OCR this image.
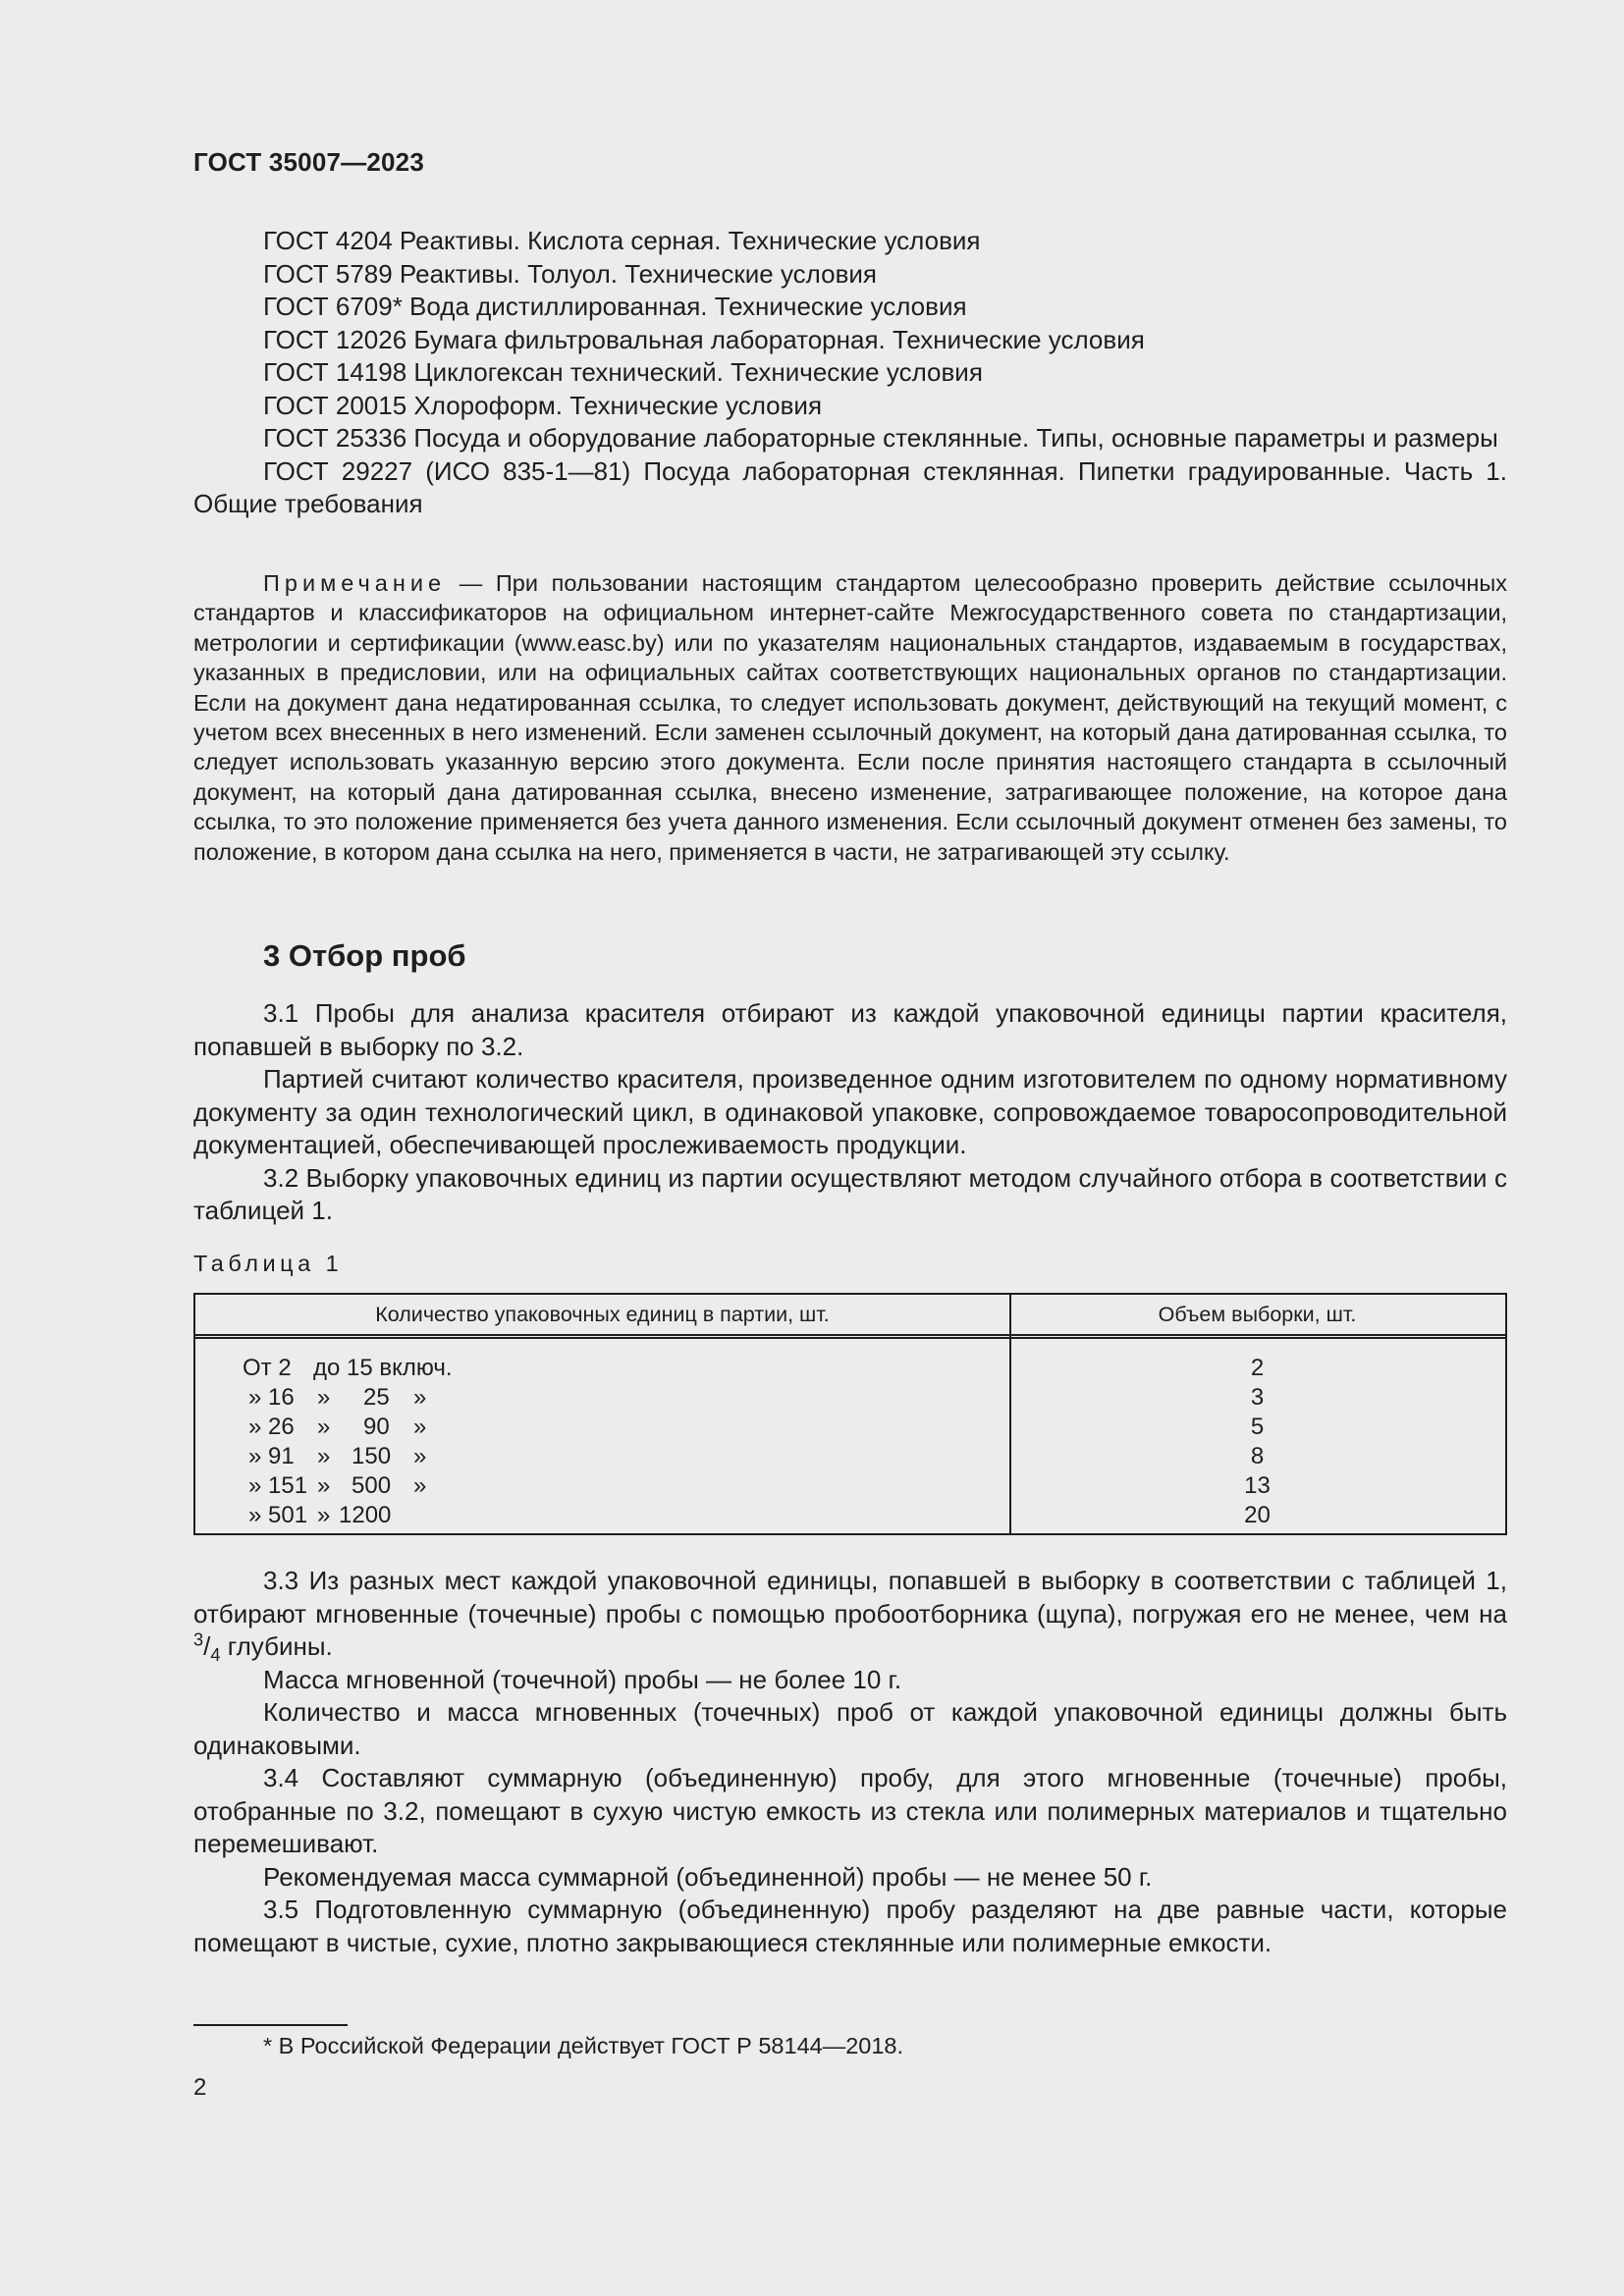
ГОСТ 35007—2023

ГОСТ 4204 Реактивы. Кислота серная. Технические условия

ГОСТ 5789 Реактивы. Толуол. Технические условия

ГОСТ 6709* Вода дистиллированная. Технические условия

ГОСТ 12026 Бумага фильтровальная лабораторная. Технические условия

ГОСТ 14198 Циклогексан технический. Технические условия

ГОСТ 20015 Хлороформ. Технические условия

ГОСТ 25336 Посуда и оборудование лабораторные стеклянные. Типы, основные параметры и размеры

ГОСТ 29227 (ИСО 835-1—81) Посуда лабораторная стеклянная. Пипетки градуированные. Часть 1. Общие требования

Примечание — При пользовании настоящим стандартом целесообразно проверить действие ссылочных стандартов и классификаторов на официальном интернет-сайте Межгосударственного совета по стандартизации, метрологии и сертификации (www.easc.by) или по указателям национальных стандартов, издаваемым в государствах, указанных в предисловии, или на официальных сайтах соответствующих национальных органов по стандартизации. Если на документ дана недатированная ссылка, то следует использовать документ, действующий на текущий момент, с учетом всех внесенных в него изменений. Если заменен ссылочный документ, на который дана датированная ссылка, то следует использовать указанную версию этого документа. Если после принятия настоящего стандарта в ссылочный документ, на который дана датированная ссылка, внесено изменение, затрагивающее положение, на которое дана ссылка, то это положение применяется без учета данного изменения. Если ссылочный документ отменен без замены, то положение, в котором дана ссылка на него, применяется в части, не затрагивающей эту ссылку.
3 Отбор проб

3.1 Пробы для анализа красителя отбирают из каждой упаковочной единицы партии красителя, попавшей в выборку по 3.2.

Партией считают количество красителя, произведенное одним изготовителем по одному нормативному документу за один технологический цикл, в одинаковой упаковке, сопровождаемое товаросопроводительной документацией, обеспечивающей прослеживаемость продукции.

3.2 Выборку упаковочных единиц из партии осуществляют методом случайного отбора в соответствии с таблицей 1.

Таблица 1
Количество упаковочных единиц в партии, шт.	Объем выборки, шт.
От 2 до 15 включ.	2
» 16 » 25 »	3
» 26 » 90 »	5
» 91 » 150 »	8
» 151 » 500 »	13
» 501 » 1200	20

3.3 Из разных мест каждой упаковочной единицы, попавшей в выборку в соответствии с таблицей 1, отбирают мгновенные (точечные) пробы с помощью пробоотборника (щупа), погружая его не менее, чем на $^3/_4$ глубины.

Масса мгновенной (точечной) пробы — не более 10 г.

Количество и масса мгновенных (точечных) проб от каждой упаковочной единицы должны быть одинаковыми.

3.4 Составляют суммарную (объединенную) пробу, для этого мгновенные (точечные) пробы, отобранные по 3.2, помещают в сухую чистую емкость из стекла или полимерных материалов и тщательно перемешивают.

Рекомендуемая масса суммарной (объединенной) пробы — не менее 50 г.

3.5 Подготовленную суммарную (объединенную) пробу разделяют на две равные части, которые помещают в чистые, сухие, плотно закрывающиеся стеклянные или полимерные емкости.

* В Российской Федерации действует ГОСТ Р 58144—2018.
2
